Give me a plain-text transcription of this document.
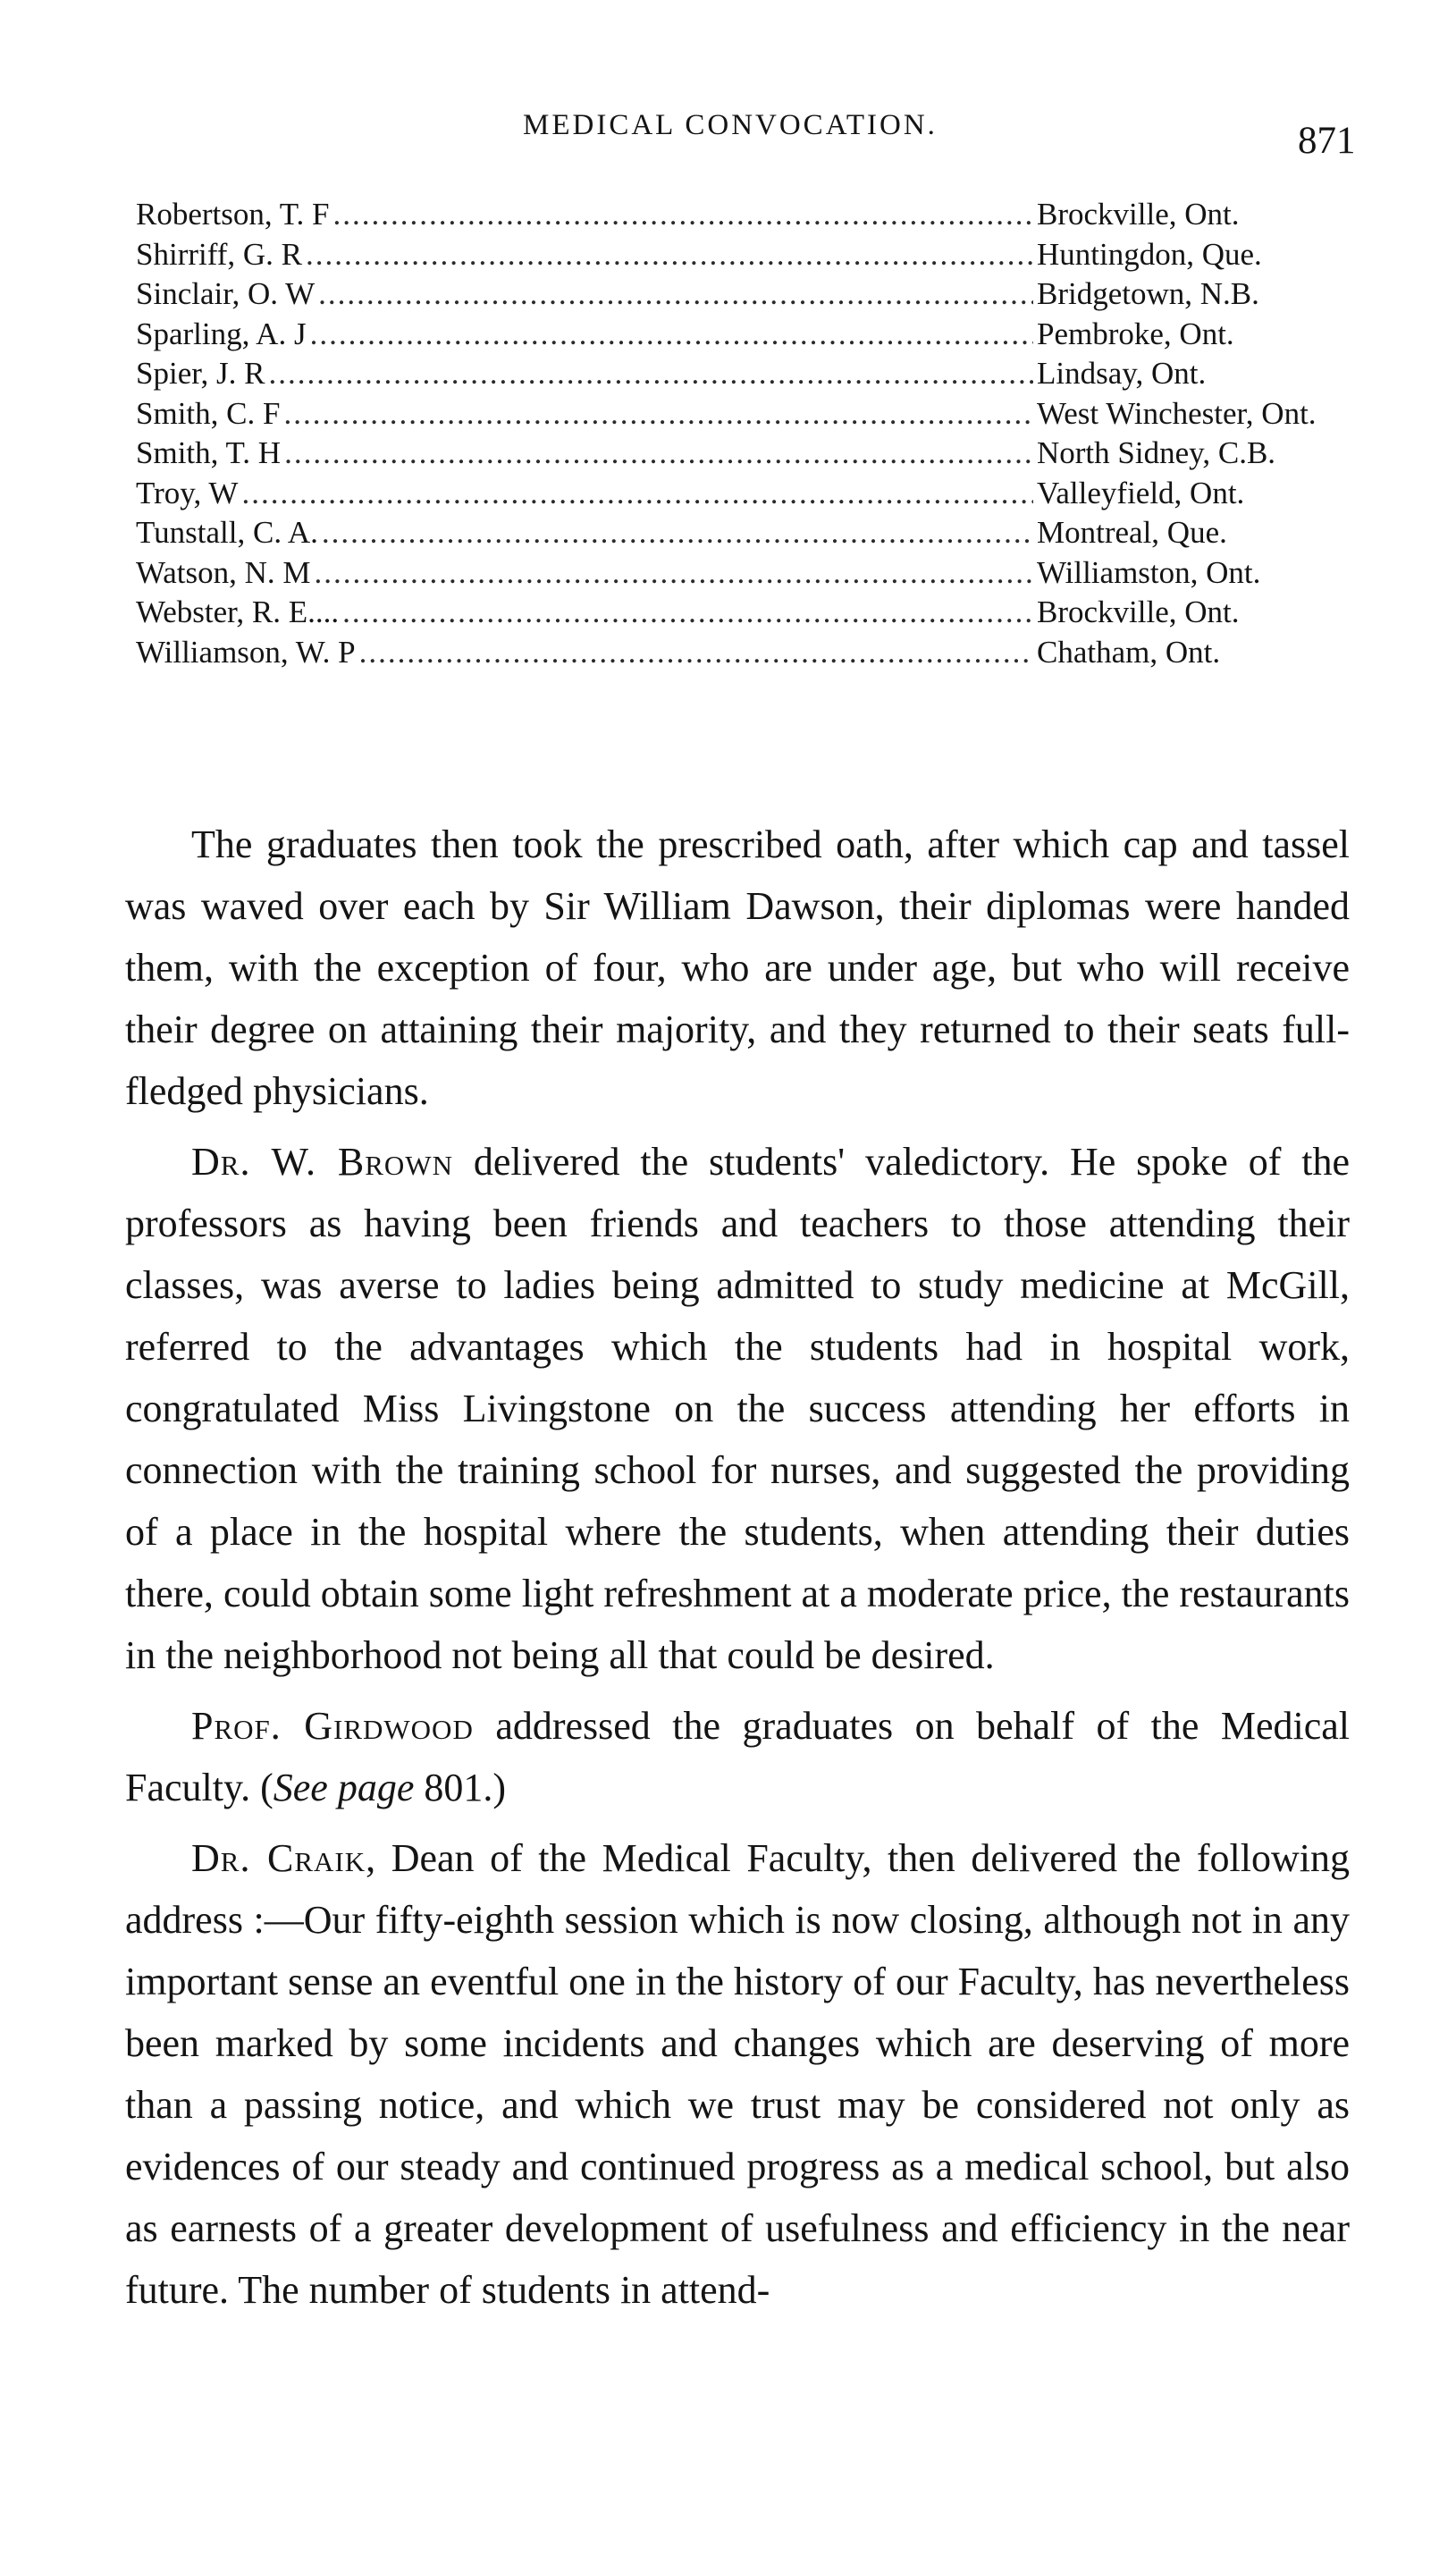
MEDICAL CONVOCATION.	871
Robertson, T. F .....	Brockville, Ont.
Shirriff, G. R .....	Huntingdon, Que.
Sinclair, O. W .....	Bridgetown, N.B.
Sparling, A. J .....	Pembroke, Ont.
Spier, J. R .....	Lindsay, Ont.
Smith, C. F .....	West Winchester, Ont.
Smith, T. H .....	North Sidney, C.B.
Troy, W .....	Valleyfield, Ont.
Tunstall, C. A. .....	Montreal, Que.
Watson, N. M .....	Williamston, Ont.
Webster, R. E.... .....	Brockville, Ont.
Williamson, W. P .....	Chatham, Ont.

The graduates then took the prescribed oath, after which cap and tassel was waved over each by Sir William Dawson, their diplomas were handed them, with the exception of four, who are under age, but who will receive their degree on attaining their majority, and they returned to their seats full-fledged physicians.

Dr. W. Brown delivered the students' valedictory. He spoke of the professors as having been friends and teachers to those attending their classes, was averse to ladies being admitted to study medicine at McGill, referred to the advantages which the students had in hospital work, congratulated Miss Livingstone on the success attending her efforts in connection with the training school for nurses, and suggested the providing of a place in the hospital where the students, when attending their duties there, could obtain some light refreshment at a moderate price, the restaurants in the neighborhood not being all that could be desired.

Prof. Girdwood addressed the graduates on behalf of the Medical Faculty. (See page 801.)

Dr. Craik, Dean of the Medical Faculty, then delivered the following address :—Our fifty-eighth session which is now closing, although not in any important sense an eventful one in the history of our Faculty, has nevertheless been marked by some incidents and changes which are deserving of more than a passing notice, and which we trust may be considered not only as evidences of our steady and continued progress as a medical school, but also as earnests of a greater development of usefulness and efficiency in the near future. The number of students in attend-
